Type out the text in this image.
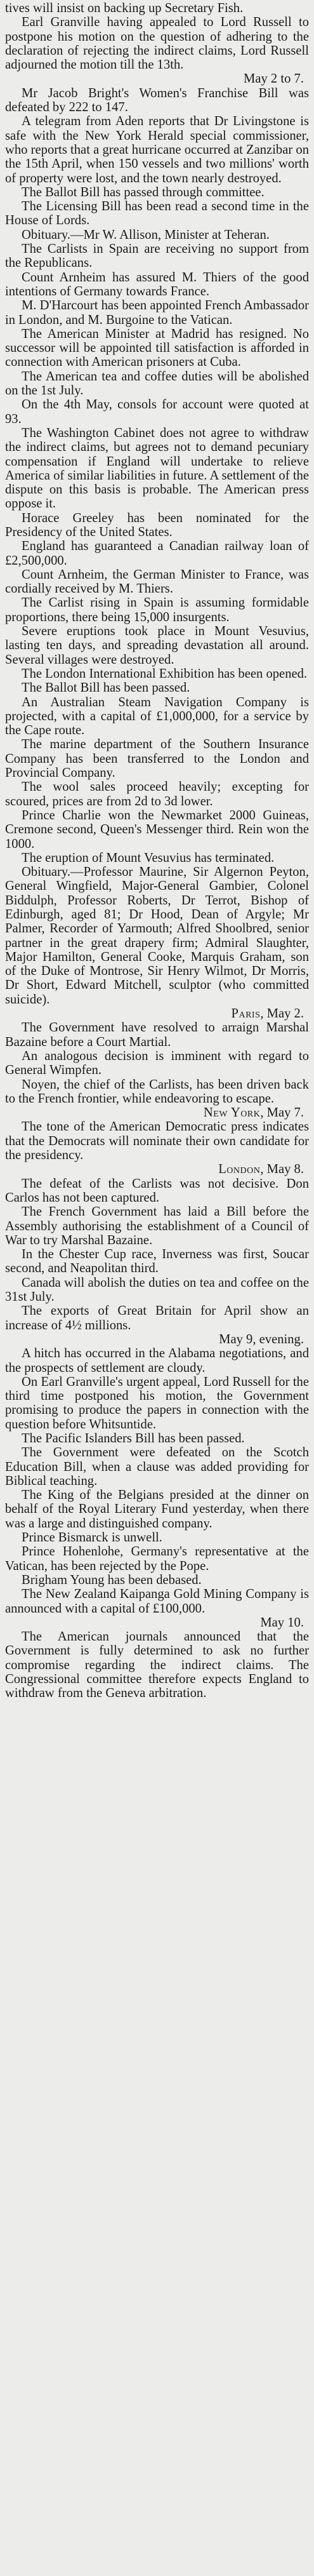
tives will insist on backing up Secretary Fish.

Earl Granville having appealed to Lord Russell to postpone his motion on the question of adhering to the declaration of rejecting the indirect claims, Lord Russell adjourned the motion till the 13th.

May 2 to 7.

Mr Jacob Bright's Women's Franchise Bill was defeated by 222 to 147.

A telegram from Aden reports that Dr Livingstone is safe with the New York Herald special commissioner, who reports that a great hurricane occurred at Zanzibar on the 15th April, when 150 vessels and two millions' worth of property were lost, and the town nearly destroyed.

The Ballot Bill has passed through committee.

The Licensing Bill has been read a second time in the House of Lords.

Obituary.—Mr W. Allison, Minister at Teheran.

The Carlists in Spain are receiving no support from the Republicans.

Count Arnheim has assured M. Thiers of the good intentions of Germany towards France.

M. D'Harcourt has been appointed French Ambassador in London, and M. Burgoine to the Vatican.

The American Minister at Madrid has resigned. No successor will be appointed till satisfaction is afforded in connection with American prisoners at Cuba.

The American tea and coffee duties will be abolished on the 1st July.

On the 4th May, consols for account were quoted at 93.

The Washington Cabinet does not agree to withdraw the indirect claims, but agrees not to demand pecuniary compensation if England will undertake to relieve America of similar liabilities in future. A settlement of the dispute on this basis is probable. The American press oppose it.

Horace Greeley has been nominated for the Presidency of the United States.

England has guaranteed a Canadian railway loan of £2,500,000.

Count Arnheim, the German Minister to France, was cordially received by M. Thiers.

The Carlist rising in Spain is assuming formidable proportions, there being 15,000 insurgents.

Severe eruptions took place in Mount Vesuvius, lasting ten days, and spreading devastation all around. Several villages were destroyed.

The London International Exhibition has been opened.

The Ballot Bill has been passed.

An Australian Steam Navigation Company is projected, with a capital of £1,000,000, for a service by the Cape route.

The marine department of the Southern Insurance Company has been transferred to the London and Provincial Company.

The wool sales proceed heavily; excepting for scoured, prices are from 2d to 3d lower.

Prince Charlie won the Newmarket 2000 Guineas, Cremone second, Queen's Messenger third. Rein won the 1000.

The eruption of Mount Vesuvius has terminated.

Obituary.—Professor Maurine, Sir Algernon Peyton, General Wingfield, Major-General Gambier, Colonel Biddulph, Professor Roberts, Dr Terrot, Bishop of Edinburgh, aged 81; Dr Hood, Dean of Argyle; Mr Palmer, Recorder of Yarmouth; Alfred Shoolbred, senior partner in the great drapery firm; Admiral Slaughter, Major Hamilton, General Cooke, Marquis Graham, son of the Duke of Montrose, Sir Henry Wilmot, Dr Morris, Dr Short, Edward Mitchell, sculptor (who committed suicide).

Paris, May 2.

The Government have resolved to arraign Marshal Bazaine before a Court Martial.

An analogous decision is imminent with regard to General Wimpfen.

Noyen, the chief of the Carlists, has been driven back to the French frontier, while endeavoring to escape.

New York, May 7.

The tone of the American Democratic press indicates that the Democrats will nominate their own candidate for the presidency.

London, May 8.

The defeat of the Carlists was not decisive. Don Carlos has not been captured.

The French Government has laid a Bill before the Assembly authorising the establishment of a Council of War to try Marshal Bazaine.

In the Chester Cup race, Inverness was first, Soucar second, and Neapolitan third.

Canada will abolish the duties on tea and coffee on the 31st July.

The exports of Great Britain for April show an increase of 4½ millions.

May 9, evening.

A hitch has occurred in the Alabama negotiations, and the prospects of settlement are cloudy.

On Earl Granville's urgent appeal, Lord Russell for the third time postponed his motion, the Government promising to produce the papers in connection with the question before Whitsuntide.

The Pacific Islanders Bill has been passed.

The Government were defeated on the Scotch Education Bill, when a clause was added providing for Biblical teaching.

The King of the Belgians presided at the dinner on behalf of the Royal Literary Fund yesterday, when there was a large and distinguished company.

Prince Bismarck is unwell.

Prince Hohenlohe, Germany's representative at the Vatican, has been rejected by the Pope.

Brigham Young has been debased.

The New Zealand Kaipanga Gold Mining Company is announced with a capital of £100,000.

May 10.

The American journals announced that the Government is fully determined to ask no further compromise regarding the indirect claims. The Congressional committee therefore expects England to withdraw from the Geneva arbitration.
